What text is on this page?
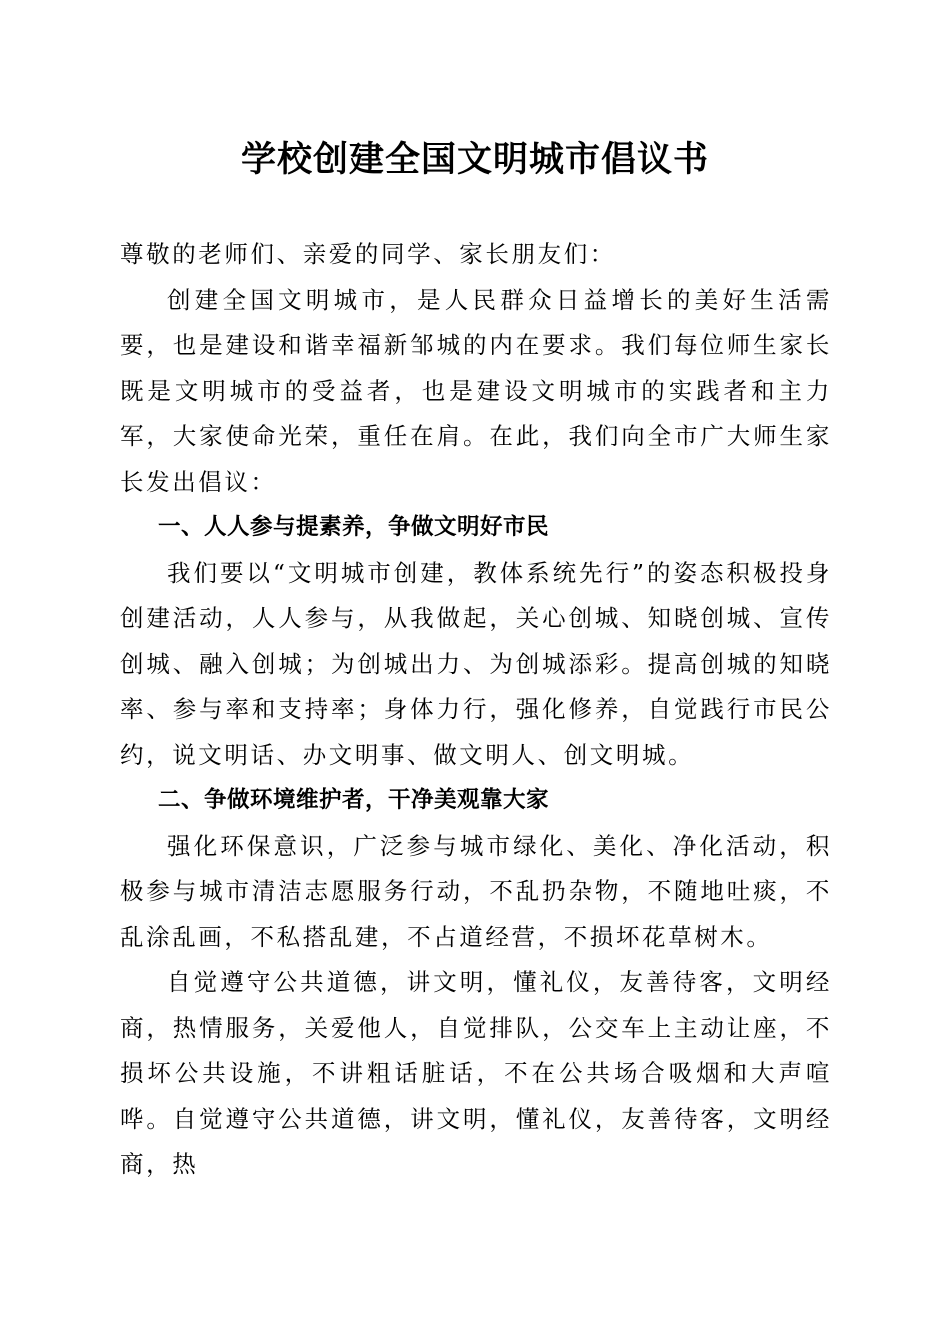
学校创建全国文明城市倡议书

尊敬的老师们、亲爱的同学、家长朋友们：

创建全国文明城市，是人民群众日益增长的美好生活需要，也是建设和谐幸福新邹城的内在要求。我们每位师生家长既是文明城市的受益者，也是建设文明城市的实践者和主力军，大家使命光荣，重任在肩。在此，我们向全市广大师生家长发出倡议：

一、人人参与提素养，争做文明好市民

我们要以“文明城市创建，教体系统先行”的姿态积极投身创建活动，人人参与，从我做起，关心创城、知晓创城、宣传创城、融入创城；为创城出力、为创城添彩。提高创城的知晓率、参与率和支持率；身体力行，强化修养，自觉践行市民公约，说文明话、办文明事、做文明人、创文明城。

二、争做环境维护者，干净美观靠大家

强化环保意识，广泛参与城市绿化、美化、净化活动，积极参与城市清洁志愿服务行动，不乱扔杂物，不随地吐痰，不乱涂乱画，不私搭乱建，不占道经营，不损坏花草树木。

自觉遵守公共道德，讲文明，懂礼仪，友善待客，文明经商，热情服务，关爱他人，自觉排队，公交车上主动让座，不损坏公共设施，不讲粗话脏话，不在公共场合吸烟和大声喧哗。自觉遵守公共道德，讲文明，懂礼仪，友善待客，文明经商，热
